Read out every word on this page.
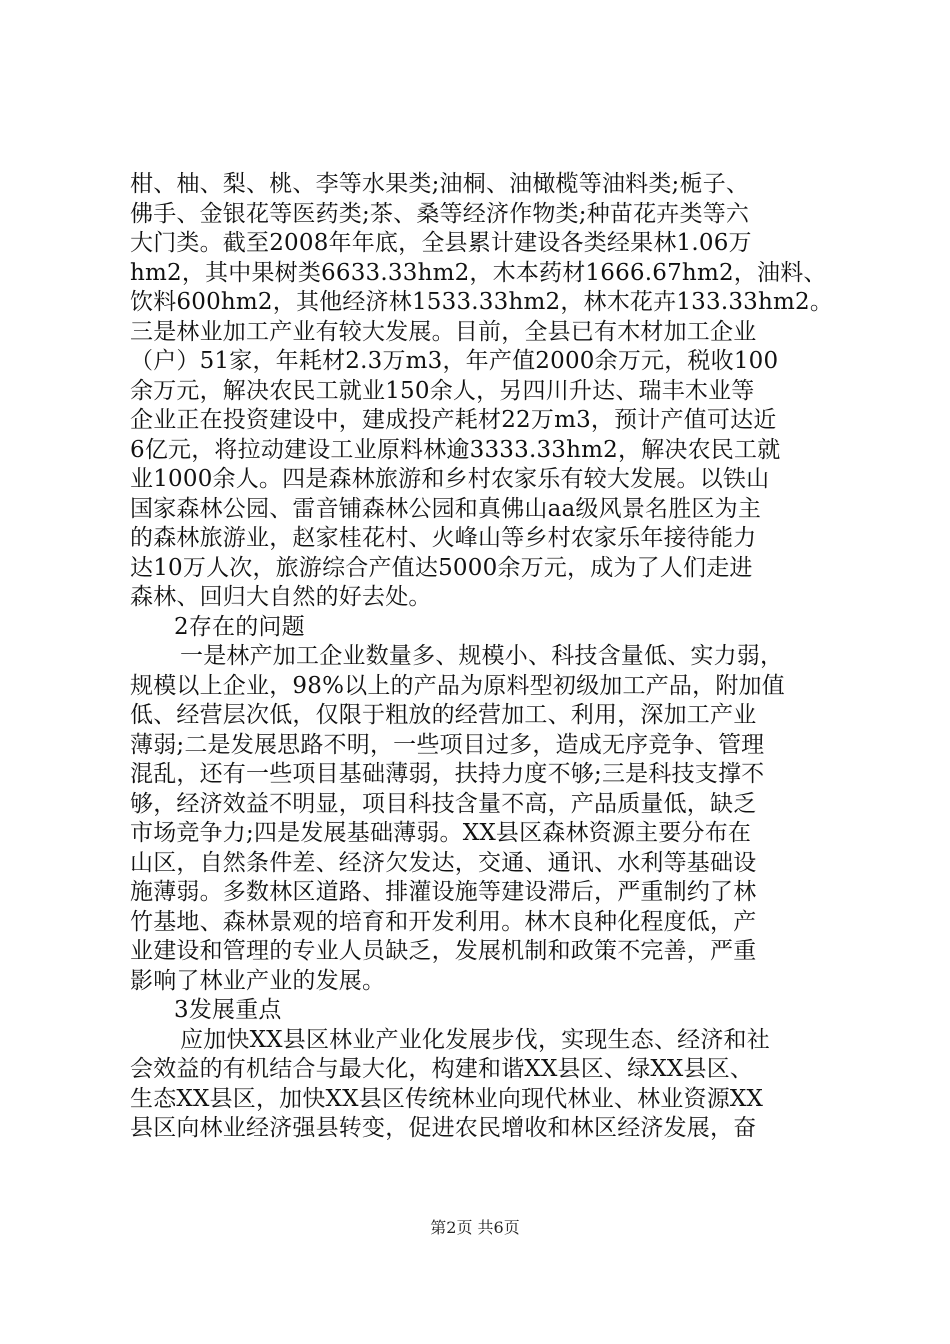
柑、柚、梨、桃、李等水果类;油桐、油橄榄等油料类;栀子、
佛手、金银花等医药类;茶、桑等经济作物类;种苗花卉类等六
大门类。截至2008年年底，全县累计建设各类经果林1.06万
hm2，其中果树类6633.33hm2，木本药材1666.67hm2，油料、
饮料600hm2，其他经济林1533.33hm2，林木花卉133.33hm2。
三是林业加工产业有较大发展。目前，全县已有木材加工企业
（户）51家，年耗材2.3万m3，年产值2000余万元，税收100
余万元，解决农民工就业150余人，另四川升达、瑞丰木业等
企业正在投资建设中，建成投产耗材22万m3，预计产值可达近
6亿元，将拉动建设工业原料林逾3333.33hm2，解决农民工就
业1000余人。四是森林旅游和乡村农家乐有较大发展。以铁山
国家森林公园、雷音铺森林公园和真佛山aa级风景名胜区为主
的森林旅游业，赵家桂花村、火峰山等乡村农家乐年接待能力
达10万人次，旅游综合产值达5000余万元，成为了人们走进
森林、回归大自然的好去处。
2存在的问题
一是林产加工企业数量多、规模小、科技含量低、实力弱，
规模以上企业，98%以上的产品为原料型初级加工产品，附加值
低、经营层次低，仅限于粗放的经营加工、利用，深加工产业
薄弱;二是发展思路不明，一些项目过多，造成无序竞争、管理
混乱，还有一些项目基础薄弱，扶持力度不够;三是科技支撑不
够，经济效益不明显，项目科技含量不高，产品质量低，缺乏
市场竞争力;四是发展基础薄弱。XX县区森林资源主要分布在
山区，自然条件差、经济欠发达，交通、通讯、水利等基础设
施薄弱。多数林区道路、排灌设施等建设滞后，严重制约了林
竹基地、森林景观的培育和开发利用。林木良种化程度低，产
业建设和管理的专业人员缺乏，发展机制和政策不完善，严重
影响了林业产业的发展。
3发展重点
应加快XX县区林业产业化发展步伐，实现生态、经济和社
会效益的有机结合与最大化，构建和谐XX县区、绿XX县区、
生态XX县区，加快XX县区传统林业向现代林业、林业资源XX
县区向林业经济强县转变，促进农民增收和林区经济发展，奋
第2页 共6页
